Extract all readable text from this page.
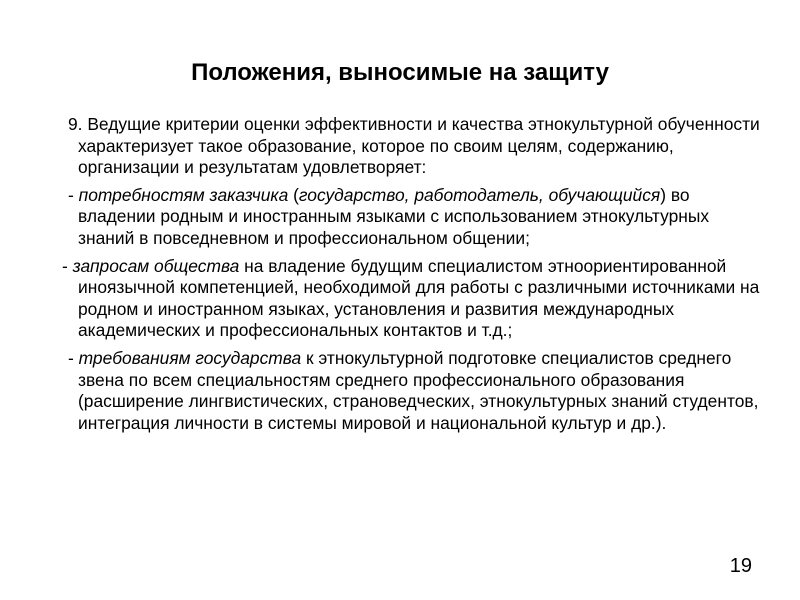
Положения, выносимые на защиту

9. Ведущие критерии оценки эффективности и качества этнокультурной обученности характеризует такое образование, которое по своим целям, содержанию, организации и результатам удовлетворяет:

- потребностям заказчика (государство, работодатель, обучающийся) во владении родным и иностранным языками с использованием этнокультурных знаний в повседневном и профессиональном общении;

- запросам общества на владение будущим специалистом этноориентированной иноязычной компетенцией, необходимой для работы с различными источниками на родном и иностранном языках, установления и развития международных академических и профессиональных контактов и т.д.;

- требованиям государства к этнокультурной подготовке специалистов среднего звена по всем специальностям среднего профессионального образования (расширение лингвистических, страноведческих, этнокультурных знаний студентов, интеграция личности в системы мировой и национальной культур и др.).

19
